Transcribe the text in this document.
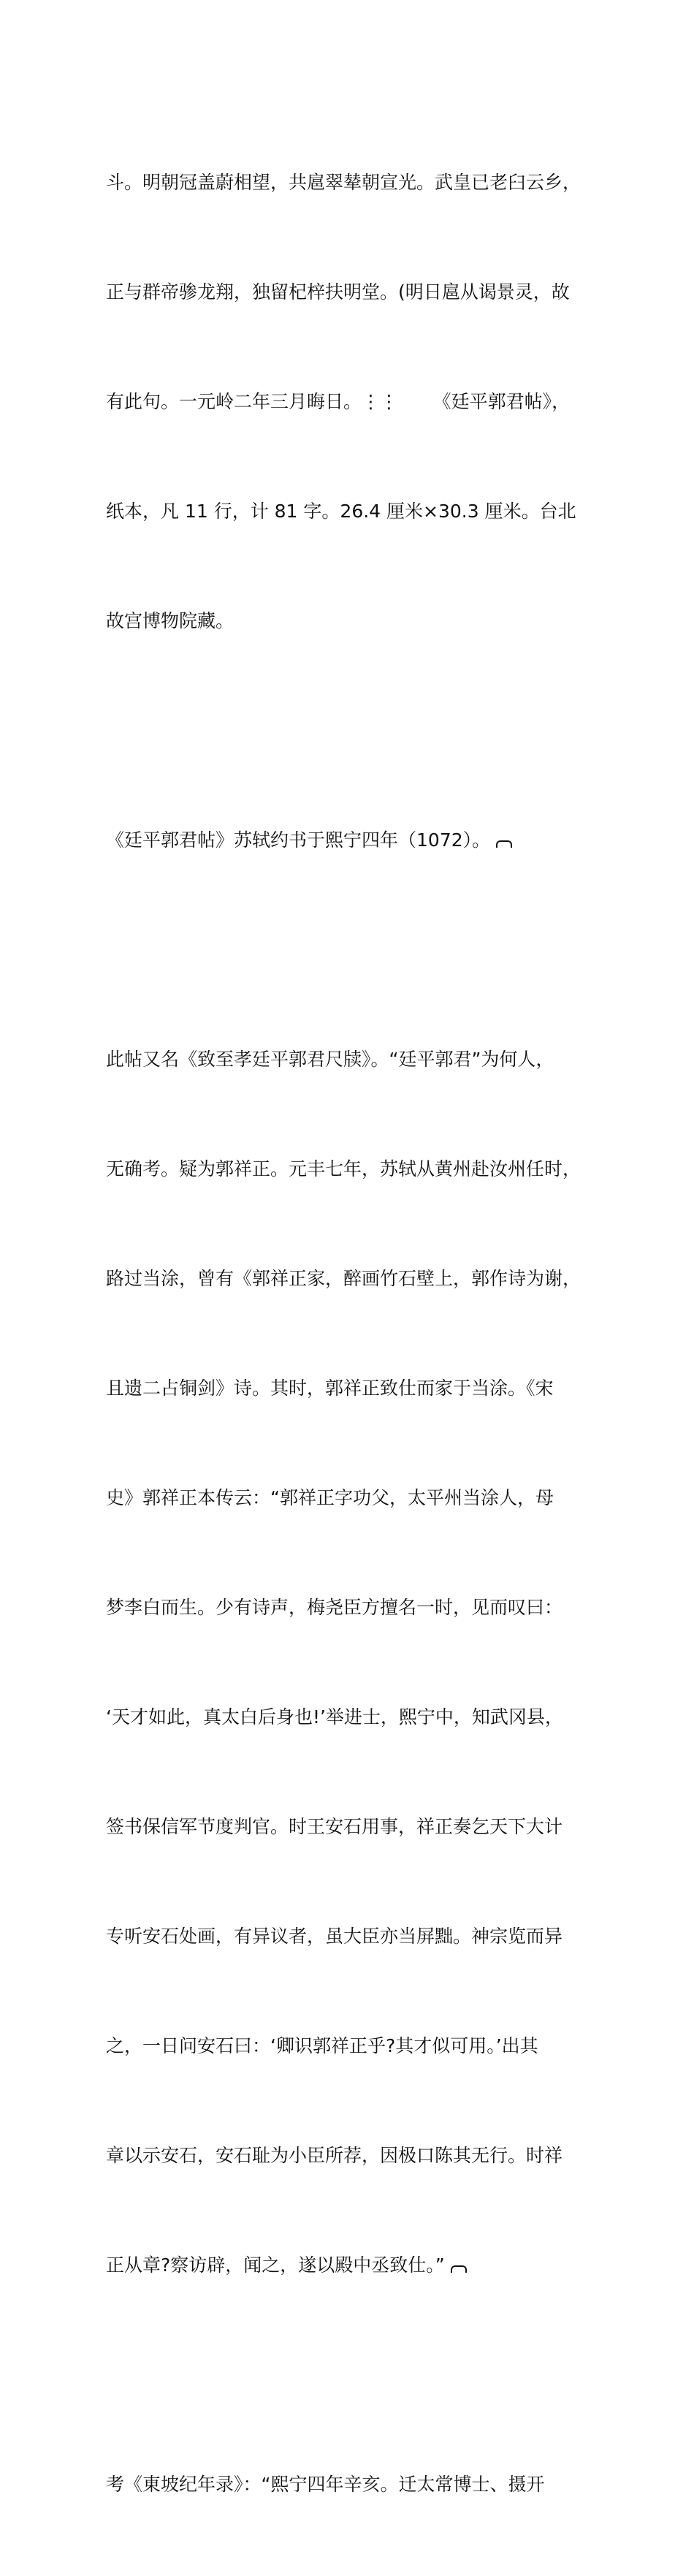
斗。明朝冠盖蔚相望，共扈翠辇朝宣光。武皇已老臼云乡，

正与群帝骖龙翔，独留杞梓扶明堂。(明日扈从谒景灵，故

有此句。一元岭二年三月晦日。⋮⋮      《廷平郭君帖》，

纸本，凡 11 行，计 81 字。26.4 厘米×30.3 厘米。台北

故宫博物院藏。

《廷平郭君帖》苏轼约书于熙宁四年（1072）。

此帖又名《致至孝廷平郭君尺牍》。“廷平郭君”为何人，

无确考。疑为郭祥正。元丰七年，苏轼从黄州赴汝州任时，

路过当涂，曾有《郭祥正家，醉画竹石壁上，郭作诗为谢，

且遗二占铜剑》诗。其时，郭祥正致仕而家于当涂。《宋

史》郭祥正本传云：“郭祥正字功父，太平州当涂人，母

梦李白而生。少有诗声，梅尧臣方擅名一时，见而叹曰：

‘天才如此，真太白后身也!’举进士，熙宁中，知武冈县，

签书保信军节度判官。时王安石用事，祥正奏乞天下大计

专听安石处画，有异议者，虽大臣亦当屏黜。神宗览而异

之，一日问安石曰：‘卿识郭祥正乎?其才似可用。’出其

章以示安石，安石耻为小臣所荐，因极口陈其无行。时祥

正从章?察访辟，闻之，遂以殿中丞致仕。”

考《東坡纪年录》：“熙宁四年辛亥。迁太常博士、摄开
